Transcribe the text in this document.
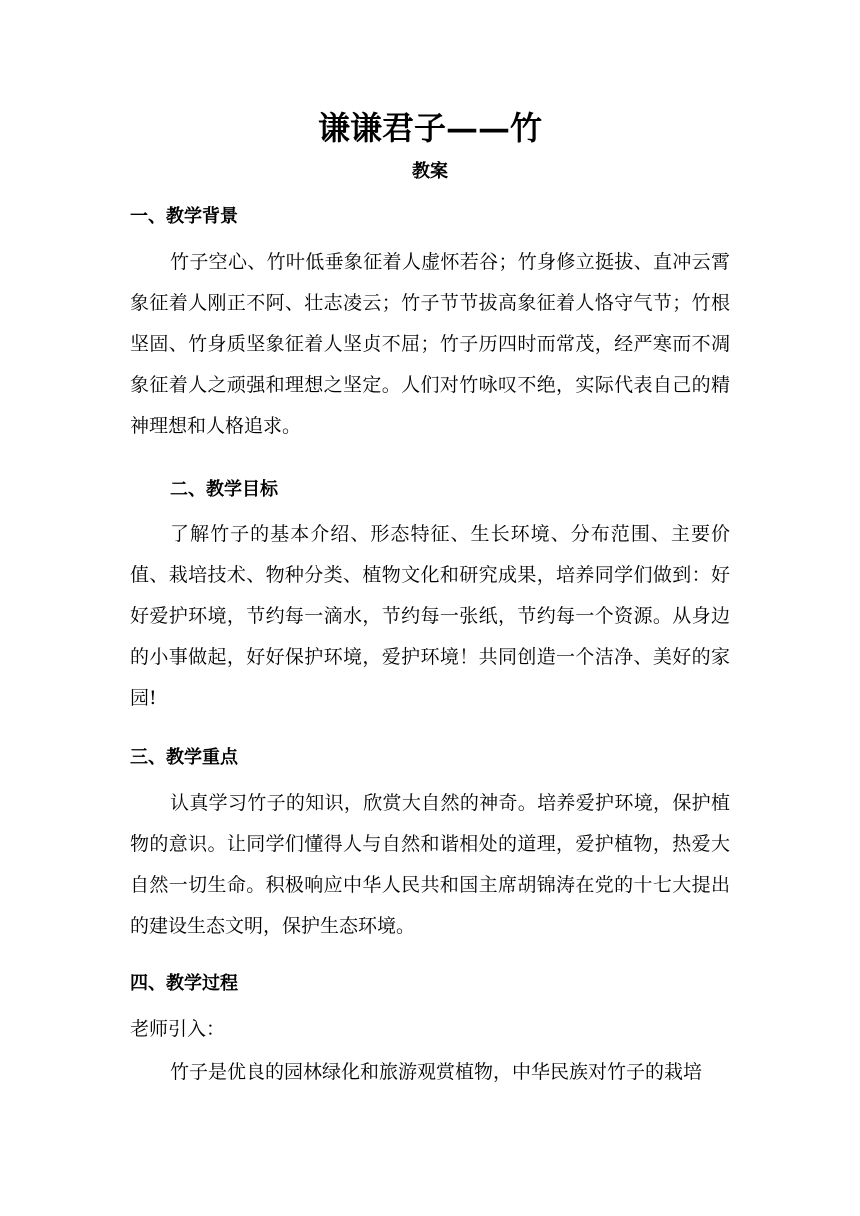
谦谦君子——竹
教案
一、教学背景

竹子空心、竹叶低垂象征着人虚怀若谷；竹身修立挺拔、直冲云霄象征着人刚正不阿、壮志凌云；竹子节节拔高象征着人恪守气节；竹根坚固、竹身质坚象征着人坚贞不屈；竹子历四时而常茂，经严寒而不凋象征着人之顽强和理想之坚定。人们对竹咏叹不绝，实际代表自己的精神理想和人格追求。

二、教学目标

了解竹子的基本介绍、形态特征、生长环境、分布范围、主要价值、栽培技术、物种分类、植物文化和研究成果，培养同学们做到：好好爱护环境，节约每一滴水，节约每一张纸，节约每一个资源。从身边的小事做起，好好保护环境，爱护环境！共同创造一个洁净、美好的家园!

三、教学重点

认真学习竹子的知识，欣赏大自然的神奇。培养爱护环境，保护植物的意识。让同学们懂得人与自然和谐相处的道理，爱护植物，热爱大自然一切生命。积极响应中华人民共和国主席胡锦涛在党的十七大提出的建设生态文明，保护生态环境。

四、教学过程
老师引入：

竹子是优良的园林绿化和旅游观赏植物，中华民族对竹子的栽培
